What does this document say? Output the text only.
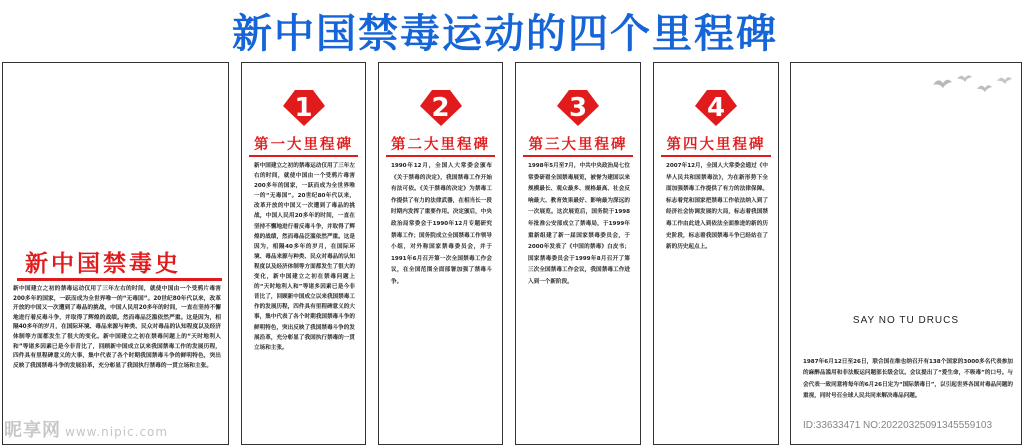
新中国禁毒运动的四个里程碑
新中国禁毒史
新中国建立之初的禁毒运动仅用了三年左右的时间，就使中国由一个受鸦片毒害200多年的国家，一跃而成为全世界唯一的“无毒国”。20世纪80年代以来，改革开放的中国又一次遭到了毒品的挑战，中国人民用20多年的时间，一直在坚持不懈地进行着反毒斗争，并取得了辉煌的战绩。然而毒品泛滥依然严重。这是因为，相隔40多年的岁月，在国际环境、毒品来源与种类、民众对毒品的认知程度以及经济体制等方面都发生了很大的变化。新中国建立之初在禁毒问题上的“天时地利人和”等诸多因素已是今非昔比了，回顾新中国成立以来我国禁毒工作的发展历程，四件具有里程碑意义的大事，集中代表了各个时期我国禁毒斗争的鲜明特色，突出反映了我国禁毒斗争的发展沿革，充分彰显了我国执行禁毒的一贯立场和主张。
1
第一大里程碑
新中国建立之初的禁毒运动仅用了三年左右的时间，就使中国由一个受鸦片毒害200多年的国家，一跃而成为全世界唯一的“无毒国”。20世纪80年代以来，改革开放的中国又一次遭到了毒品的挑战，中国人民用20多年的时间，一直在坚持不懈地进行着反毒斗争，并取得了辉煌的战绩，然而毒品泛滥依然严重。这是因为，相隔40多年的岁月，在国际环境、毒品来源与种类、民众对毒品的认知程度以及经济体制等方面都发生了很大的变化，新中国建立之初在禁毒问题上的“天时地利人和”等诸多因素已是今非昔比了，回顾新中国成立以来我国禁毒工作的发展历程，四件具有里程碑意义的大事，集中代表了各个时期我国禁毒斗争的鲜明特色，突出反映了我国禁毒斗争的发展沿革，充分彰显了我国执行禁毒的一贯立场和主张。
2
第二大里程碑
1990年12月，全国人大常委会颁布《关于禁毒的决定》，我国禁毒工作开始有法可依。《关于禁毒的决定》为禁毒工作提供了有力的法律武器，在相当长一段时期内发挥了重要作用。决定颁后，中央政治局常委会于1990年12月专题研究禁毒工作；国务院成立全国禁毒工作领导小组，对外称国家禁毒委员会，并于1991年6月召开第一次全国禁毒工作会议，在全国范围全面部署加强了禁毒斗争。
3
第三大里程碑
1998年5月至7月，中共中央政治局七位常委研看全国禁毒展览，被誉为建国以来规模最长、观众最多、规格最高、社会反响最大、教育效果最好、影响最为深远的一次展览。这次展览后，国务院于1998年批准公安部成立了禁毒局，于1999年重新组建了新一届国家禁毒委员会，于2000年发表了《中国的禁毒》白皮书；国家禁毒委员会于1999年8月召开了第三次全国禁毒工作会议，我国禁毒工作进入到一个新阶段。
4
第四大里程碑
2007年12月，全国人大常委会通过《中华人民共和国禁毒法》，为在新形势下全面加强禁毒工作提供了有力的法律保障。标志着党和国家把禁毒工作依法纳入到了经济社会协调发展的大局，标志着我国禁毒工作由此进入到依法全面推进的新的历史阶段，标志着我国禁毒斗争已经站在了新的历史起点上。
SAY NO TU DRUCS
1987年6月12日至26日，联合国在维也纳召开有138个国家的3000多名代表参加的麻醉品滥用和非法贩运问题部长级会议。会议提出了“爱生命，不吸毒”的口号。与会代表一致同意将每年的6月26日定为“国际禁毒日”，以引起世界各国对毒品问题的重视，同时号召全球人民共同来解决毒品问题。
昵享网 www.nipic.com	ID:33633471 NO:20220325091345559103
